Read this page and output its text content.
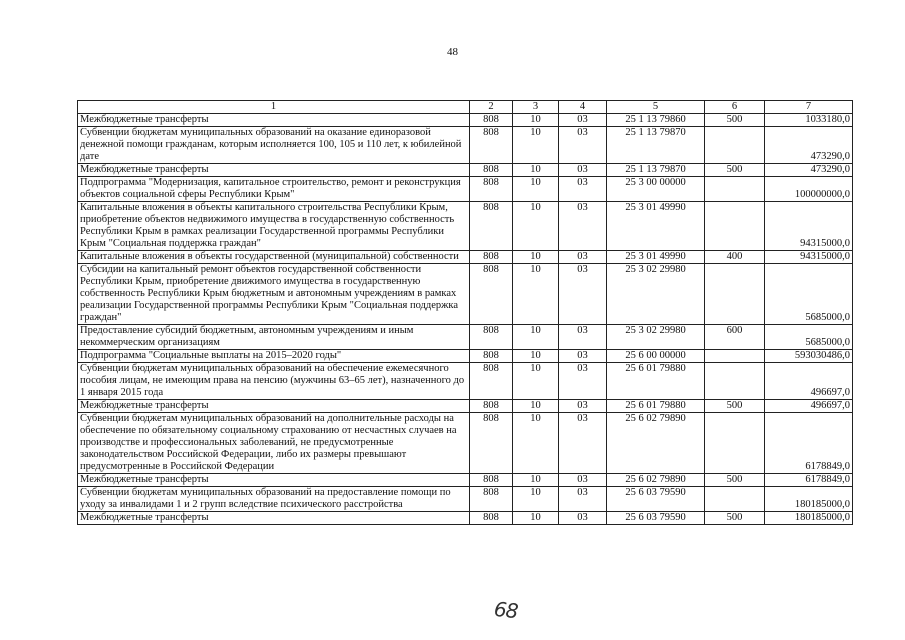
48
1	2	3	4	5	6	7
Межбюджетные трансферты	808	10	03	25 1 13 79860	500	1033180,0
Субвенции бюджетам муниципальных образований на оказание единоразовой денежной помощи гражданам, которым исполняется 100, 105 и 110 лет, к юбилейной дате	808	10	03	25 1 13 79870		473290,0
Межбюджетные трансферты	808	10	03	25 1 13 79870	500	473290,0
Подпрограмма "Модернизация, капитальное строительство, ремонт и реконструкция объектов социальной сферы Республики Крым"	808	10	03	25 3 00 00000		100000000,0
Капитальные вложения в объекты капитального строительства Республики Крым, приобретение объектов недвижимого имущества в государственную собственность Республики Крым в рамках реализации Государственной программы Республики Крым "Социальная поддержка граждан"	808	10	03	25 3 01 49990		94315000,0
Капитальные вложения в объекты государственной (муниципальной) собственности	808	10	03	25 3 01 49990	400	94315000,0
Субсидии на капитальный ремонт объектов государственной собственности Республики Крым, приобретение движимого имущества в государственную собственность Республики Крым бюджетным и автономным учреждениям в рамках реализации Государственной программы Республики Крым "Социальная поддержка граждан"	808	10	03	25 3 02 29980		5685000,0
Предоставление субсидий бюджетным, автономным учреждениям и иным некоммерческим организациям	808	10	03	25 3 02 29980	600	5685000,0
Подпрограмма "Социальные выплаты на 2015–2020 годы"	808	10	03	25 6 00 00000		593030486,0
Субвенции бюджетам муниципальных образований на обеспечение ежемесячного пособия лицам, не имеющим права на пенсию (мужчины 63–65 лет), назначенного до 1 января 2015 года	808	10	03	25 6 01 79880		496697,0
Межбюджетные трансферты	808	10	03	25 6 01 79880	500	496697,0
Субвенции бюджетам муниципальных образований на дополнительные расходы на обеспечение по обязательному социальному страхованию от несчастных случаев на производстве и профессиональных заболеваний, не предусмотренные законодательством Российской Федерации, либо их размеры превышают предусмотренные в Российской Федерации	808	10	03	25 6 02 79890		6178849,0
Межбюджетные трансферты	808	10	03	25 6 02 79890	500	6178849,0
Субвенции бюджетам муниципальных образований на предоставление помощи по уходу за инвалидами 1 и 2 групп вследствие психического расстройства	808	10	03	25 6 03 79590		180185000,0
Межбюджетные трансферты	808	10	03	25 6 03 79590	500	180185000,0
68
